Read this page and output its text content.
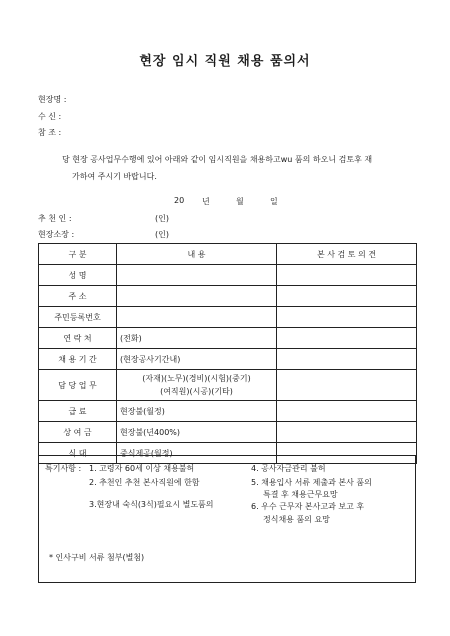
현장 임시 직원 채용 품의서
현장명 :
수 신 :
참 조 :
당 현장 공사업무수행에 있어 아래와 같이 임시직원을 채용하고wu 품의 하오니 검토후 재
가하여 주시기 바랍니다.
20 년	월	일
추 천 인 :	(인)
현장소장 :	(인)
구 분	내 용	본 사 검 토 의 견
성 명		
주 소		
주민등록번호		
연 락 처	(전화)	
채 용 기 간	(현장공사기간내)	
담 당 업 무	(자재)(노무)(경비)(시험)(중기)
(여직원)(시공)(기타)	

급 료	현장불(월정)	
상 여 금	현장불(년400%)	
식 대	중식제공(월정)	
특기사항 : 1. 고령자 60세 이상 채용불허
2. 추천인 추천 본사직원에 한함
3.현장내 숙식(3식)필요시 별도품의
4. 공사자금관리 불허
5. 채용입사 서류 제출과 본사 품의
특결 후 채용근무요망
6. 우수 근무자 본사고과 보고 후
정식채용 품의 요망
* 인사구비 서류 첨부(별첨)
